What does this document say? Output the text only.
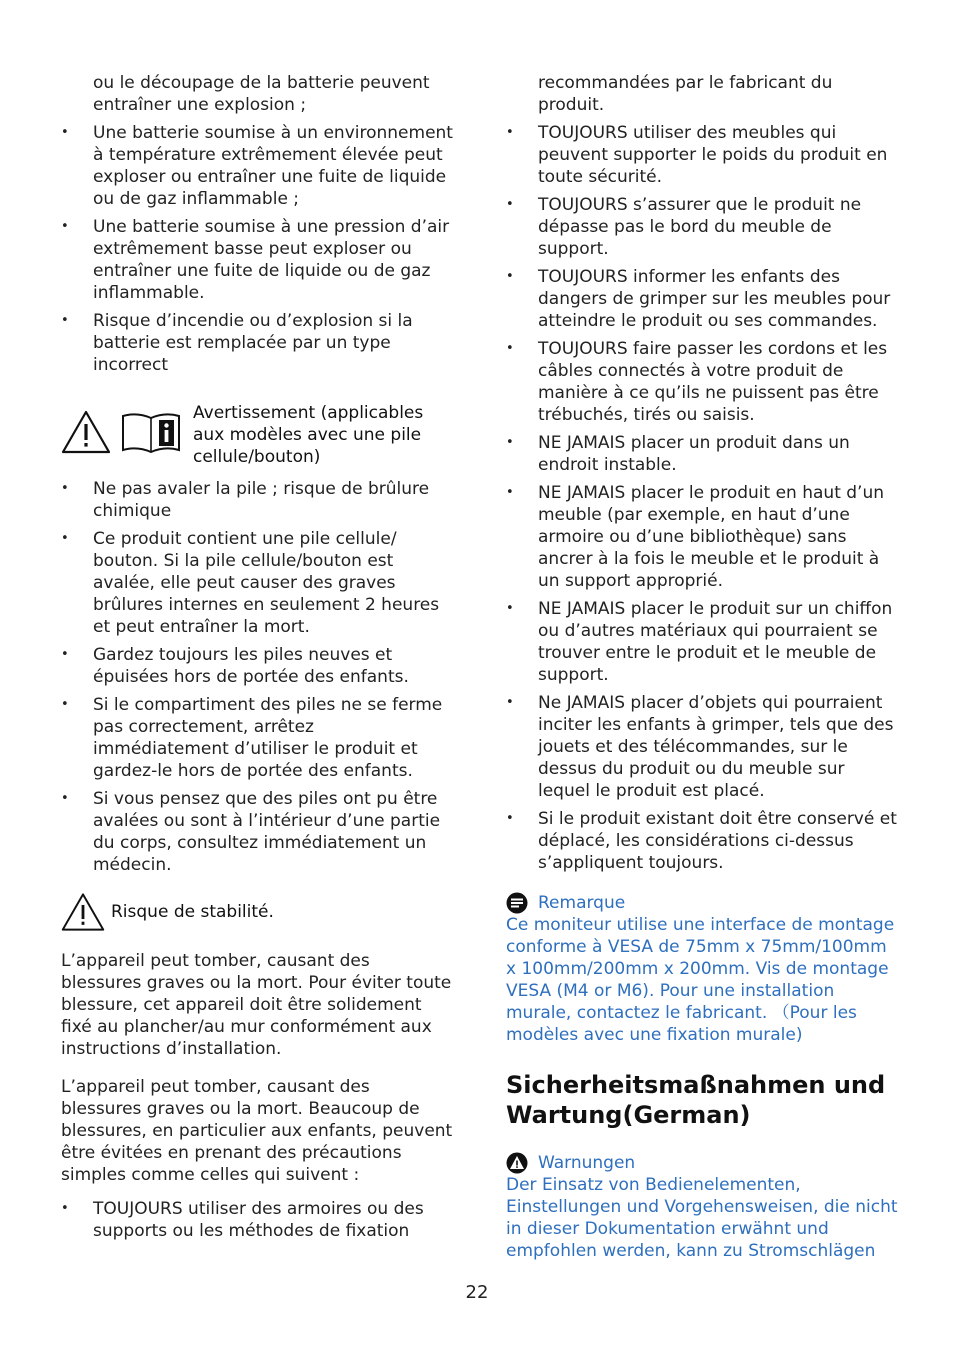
ou le découpage de la batterie peuvent entraîner une explosion ;

• Une batterie soumise à un environnement à température extrêmement élevée peut exploser ou entraîner une fuite de liquide ou de gaz inflammable ;
• Une batterie soumise à une pression d’air extrêmement basse peut exploser ou entraîner une fuite de liquide ou de gaz inflammable.
• Risque d’incendie ou d’explosion si la batterie est remplacée par un type incorrect
Avertissement (applicables aux modèles avec une pile cellule/bouton)
• Ne pas avaler la pile ; risque de brûlure chimique
• Ce produit contient une pile cellule/ bouton. Si la pile cellule/bouton est avalée, elle peut causer des graves brûlures internes en seulement 2 heures et peut entraîner la mort.
• Gardez toujours les piles neuves et épuisées hors de portée des enfants.
• Si le compartiment des piles ne se ferme pas correctement, arrêtez immédiatement d’utiliser le produit et gardez-le hors de portée des enfants.
• Si vous pensez que des piles ont pu être avalées ou sont à l’intérieur d’une partie du corps, consultez immédiatement un médecin.
Risque de stabilité.

L’appareil peut tomber, causant des blessures graves ou la mort. Pour éviter toute blessure, cet appareil doit être solidement fixé au plancher/au mur conformément aux instructions d’installation.

L’appareil peut tomber, causant des blessures graves ou la mort. Beaucoup de blessures, en particulier aux enfants, peuvent être évitées en prenant des précautions simples comme celles qui suivent :

• TOUJOURS utiliser des armoires ou des supports ou les méthodes de fixation

recommandées par le fabricant du produit.

• TOUJOURS utiliser des meubles qui peuvent supporter le poids du produit en toute sécurité.
• TOUJOURS s’assurer que le produit ne dépasse pas le bord du meuble de support.
• TOUJOURS informer les enfants des dangers de grimper sur les meubles pour atteindre le produit ou ses commandes.
• TOUJOURS faire passer les cordons et les câbles connectés à votre produit de manière à ce qu’ils ne puissent pas être trébuchés, tirés ou saisis.
• NE JAMAIS placer un produit dans un endroit instable.
• NE JAMAIS placer le produit en haut d’un meuble (par exemple, en haut d’une armoire ou d’une bibliothèque) sans ancrer à la fois le meuble et le produit à un support approprié.
• NE JAMAIS placer le produit sur un chiffon ou d’autres matériaux qui pourraient se trouver entre le produit et le meuble de support.
• Ne JAMAIS placer d’objets qui pourraient inciter les enfants à grimper, tels que des jouets et des télécommandes, sur le dessus du produit ou du meuble sur lequel le produit est placé.
• Si le produit existant doit être conservé et déplacé, les considérations ci-dessus s’appliquent toujours.
Remarque

Ce moniteur utilise une interface de montage conforme à VESA de 75mm x 75mm/100mm x 100mm/200mm x 200mm. Vis de montage VESA (M4 or M6). Pour une installation murale, contactez le fabricant. （Pour les modèles avec une fixation murale)

Sicherheitsmaßnahmen und Wartung(German)
Warnungen

Der Einsatz von Bedienelementen, Einstellungen und Vorgehensweisen, die nicht in dieser Dokumentation erwähnt und empfohlen werden, kann zu Stromschlägen

22
